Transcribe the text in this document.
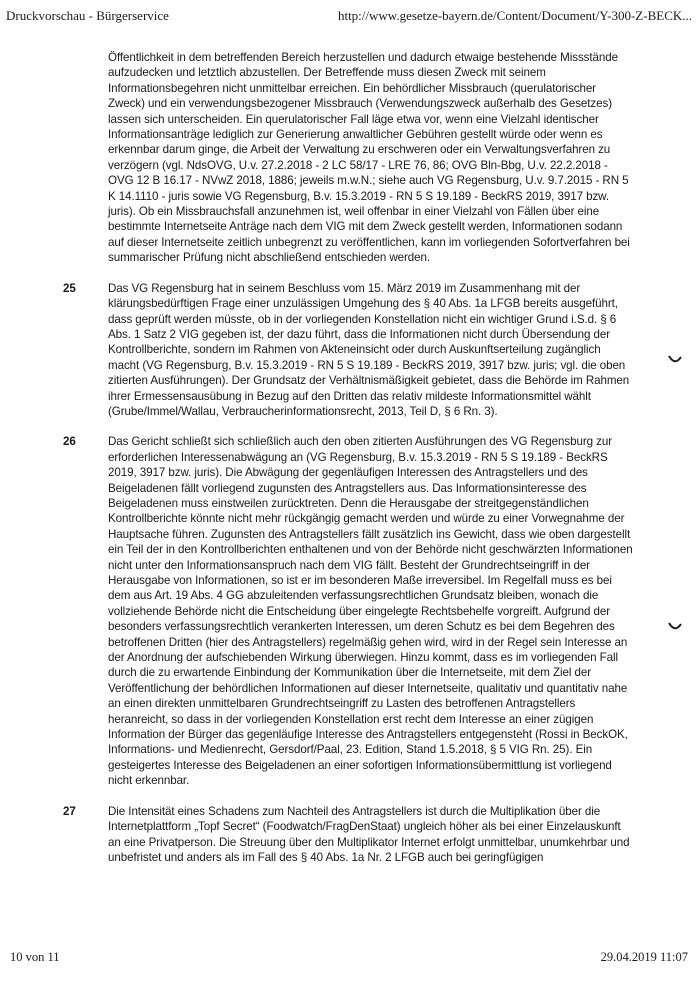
Druckvorschau - Bürgerservice	http://www.gesetze-bayern.de/Content/Document/Y-300-Z-BECK...

Öffentlichkeit in dem betreffenden Bereich herzustellen und dadurch etwaige bestehende Missstände aufzudecken und letztlich abzustellen. Der Betreffende muss diesen Zweck mit seinem Informationsbegehren nicht unmittelbar erreichen. Ein behördlicher Missbrauch (querulatorischer Zweck) und ein verwendungsbezogener Missbrauch (Verwendungszweck außerhalb des Gesetzes) lassen sich unterscheiden. Ein querulatorischer Fall läge etwa vor, wenn eine Vielzahl identischer Informationsanträge lediglich zur Generierung anwaltlicher Gebühren gestellt würde oder wenn es erkennbar darum ginge, die Arbeit der Verwaltung zu erschweren oder ein Verwaltungsverfahren zu verzögern (vgl. NdsOVG, U.v. 27.2.2018 - 2 LC 58/17 - LRE 76, 86; OVG Bln-Bbg, U.v. 22.2.2018 - OVG 12 B 16.17 - NVwZ 2018, 1886; jeweils m.w.N.; siehe auch VG Regensburg, U.v. 9.7.2015 - RN 5 K 14.1110 - juris sowie VG Regensburg, B.v. 15.3.2019 - RN 5 S 19.189 - BeckRS 2019, 3917 bzw. juris). Ob ein Missbrauchsfall anzunehmen ist, weil offenbar in einer Vielzahl von Fällen über eine bestimmte Internetseite Anträge nach dem VIG mit dem Zweck gestellt werden, Informationen sodann auf dieser Internetseite zeitlich unbegrenzt zu veröffentlichen, kann im vorliegenden Sofortverfahren bei summarischer Prüfung nicht abschließend entschieden werden.

25	Das VG Regensburg hat in seinem Beschluss vom 15. März 2019 im Zusammenhang mit der klärungsbedürftigen Frage einer unzulässigen Umgehung des § 40 Abs. 1a LFGB bereits ausgeführt, dass geprüft werden müsste, ob in der vorliegenden Konstellation nicht ein wichtiger Grund i.S.d. § 6 Abs. 1 Satz 2 VIG gegeben ist, der dazu führt, dass die Informationen nicht durch Übersendung der Kontrollberichte, sondern im Rahmen von Akteneinsicht oder durch Auskunftserteilung zugänglich macht (VG Regensburg, B.v. 15.3.2019 - RN 5 S 19.189 - BeckRS 2019, 3917 bzw. juris; vgl. die oben zitierten Ausführungen). Der Grundsatz der Verhältnismäßigkeit gebietet, dass die Behörde im Rahmen ihrer Ermessensausübung in Bezug auf den Dritten das relativ mildeste Informationsmittel wählt (Grube/Immel/Wallau, Verbraucherinformationsrecht, 2013, Teil D, § 6 Rn. 3).

26	Das Gericht schließt sich schließlich auch den oben zitierten Ausführungen des VG Regensburg zur erforderlichen Interessenabwägung an (VG Regensburg, B.v. 15.3.2019 - RN 5 S 19.189 - BeckRS 2019, 3917 bzw. juris). Die Abwägung der gegenläufigen Interessen des Antragstellers und des Beigeladenen fällt vorliegend zugunsten des Antragstellers aus. Das Informationsinteresse des Beigeladenen muss einstweilen zurücktreten. Denn die Herausgabe der streitgegenständlichen Kontrollberichte könnte nicht mehr rückgängig gemacht werden und würde zu einer Vorwegnahme der Hauptsache führen. Zugunsten des Antragstellers fällt zusätzlich ins Gewicht, dass wie oben dargestellt ein Teil der in den Kontrollberichten enthaltenen und von der Behörde nicht geschwärzten Informationen nicht unter den Informationsanspruch nach dem VIG fällt. Besteht der Grundrechtseingriff in der Herausgabe von Informationen, so ist er im besonderen Maße irreversibel. Im Regelfall muss es bei dem aus Art. 19 Abs. 4 GG abzuleitenden verfassungsrechtlichen Grundsatz bleiben, wonach die vollziehende Behörde nicht die Entscheidung über eingelegte Rechtsbehelfe vorgreift. Aufgrund der besonders verfassungsrechtlich verankerten Interessen, um deren Schutz es bei dem Begehren des betroffenen Dritten (hier des Antragstellers) regelmäßig gehen wird, wird in der Regel sein Interesse an der Anordnung der aufschiebenden Wirkung überwiegen. Hinzu kommt, dass es im vorliegenden Fall durch die zu erwartende Einbindung der Kommunikation über die Internetseite, mit dem Ziel der Veröffentlichung der behördlichen Informationen auf dieser Internetseite, qualitativ und quantitativ nahe an einen direkten unmittelbaren Grundrechtseingriff zu Lasten des betroffenen Antragstellers heranreicht, so dass in der vorliegenden Konstellation erst recht dem Interesse an einer zügigen Information der Bürger das gegenläufige Interesse des Antragstellers entgegensteht (Rossi in BeckOK, Informations- und Medienrecht, Gersdorf/Paal, 23. Edition, Stand 1.5.2018, § 5 VIG Rn. 25). Ein gesteigertes Interesse des Beigeladenen an einer sofortigen Informationsübermittlung ist vorliegend nicht erkennbar.

27	Die Intensität eines Schadens zum Nachteil des Antragstellers ist durch die Multiplikation über die Internetplattform „Topf Secret“ (Foodwatch/FragDenStaat) ungleich höher als bei einer Einzelauskunft an eine Privatperson. Die Streuung über den Multiplikator Internet erfolgt unmittelbar, unumkehrbar und unbefristet und anders als im Fall des § 40 Abs. 1a Nr. 2 LFGB auch bei geringfügigen

10 von 11	29.04.2019 11:07
